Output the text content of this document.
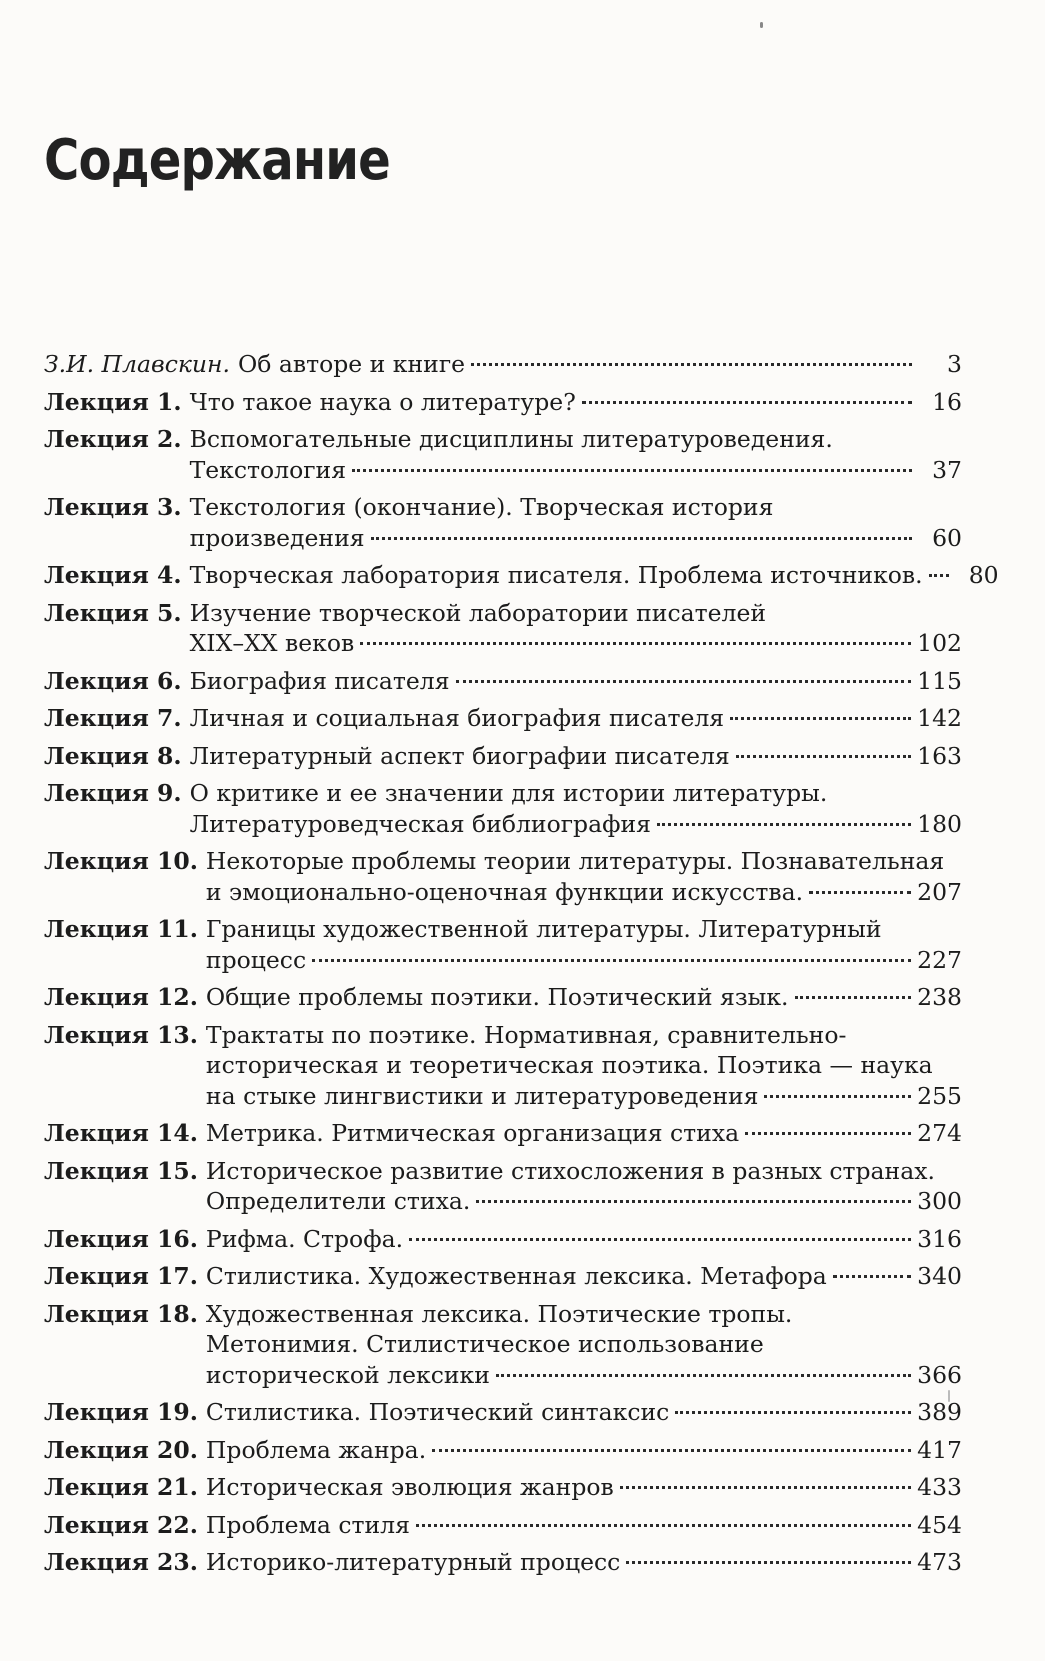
Содержание
З.И. Плавскин. Об авторе и книге	3
Лекция 1. Что такое наука о литературе?	16
Лекция 2. Вспомогательные дисциплины литературоведения.
Текстология	37
Лекция 3. Текстология (окончание). Творческая история
произведения	60
Лекция 4. Творческая лаборатория писателя. Проблема источников.	80
Лекция 5. Изучение творческой лаборатории писателей
XIX–XX веков	102
Лекция 6. Биография писателя	115
Лекция 7. Личная и социальная биография писателя	142
Лекция 8. Литературный аспект биографии писателя	163
Лекция 9. О критике и ее значении для истории литературы.
Литературоведческая библиография	180
Лекция 10. Некоторые проблемы теории литературы. Познавательная
и эмоционально-оценочная функции искусства.	207
Лекция 11. Границы художественной литературы. Литературный
процесс	227
Лекция 12. Общие проблемы поэтики. Поэтический язык.	238
Лекция 13. Трактаты по поэтике. Нормативная, сравнительно-
историческая и теоретическая поэтика. Поэтика — наука
на стыке лингвистики и литературоведения	255
Лекция 14. Метрика. Ритмическая организация стиха	274
Лекция 15. Историческое развитие стихосложения в разных странах.
Определители стиха.	300
Лекция 16. Рифма. Строфа.	316
Лекция 17. Стилистика. Художественная лексика. Метафора	340
Лекция 18. Художественная лексика. Поэтические тропы.
Метонимия. Стилистическое использование
исторической лексики	366
Лекция 19. Стилистика. Поэтический синтаксис	389
Лекция 20. Проблема жанра.	417
Лекция 21. Историческая эволюция жанров	433
Лекция 22. Проблема стиля	454
Лекция 23. Историко-литературный процесс	473
